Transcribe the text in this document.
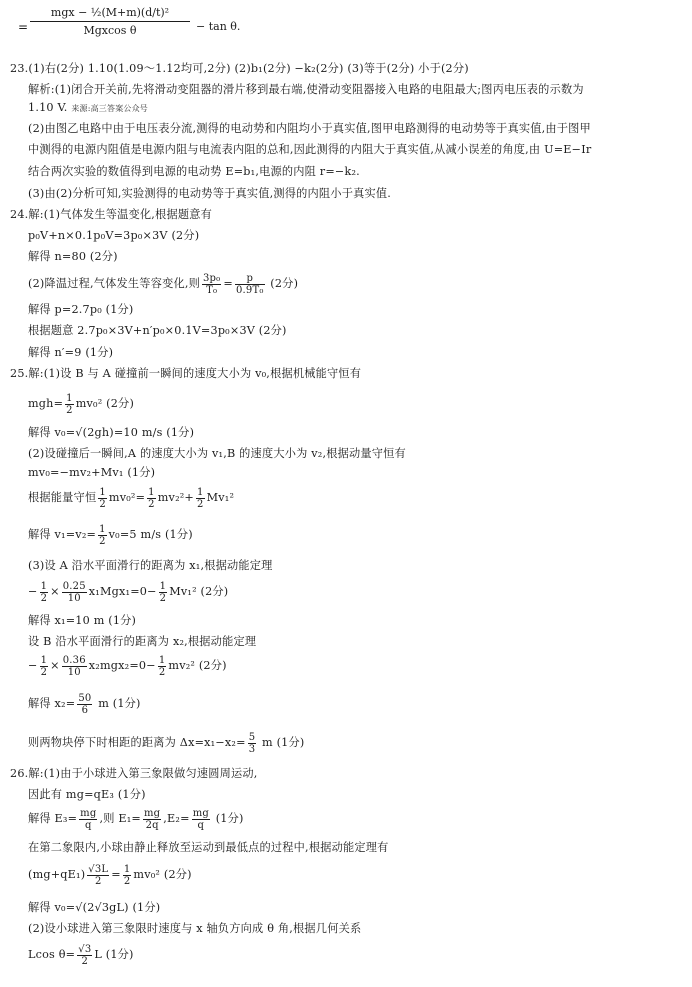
=
mgx − ½(M+m)(d/t)²
Mgxcos θ	− tan θ.
23.(1)右(2分) 1.10(1.09～1.12均可,2分) (2)b₁(2分) −k₂(2分) (3)等于(2分) 小于(2分)
解析:(1)闭合开关前,先将滑动变阻器的滑片移到最右端,使滑动变阻器接入电路的电阻最大;图丙电压表的示数为
1.10 V. 来源:高三答案公众号
(2)由图乙电路中由于电压表分流,测得的电动势和内阻均小于真实值,图甲电路测得的电动势等于真实值,由于图甲
中测得的电源内阻值是电源内阻与电流表内阻的总和,因此测得的内阻大于真实值,从减小误差的角度,由 U=E−Ir
结合两次实验的数值得到电源的电动势 E=b₁,电源的内阻 r=−k₂.
(3)由(2)分析可知,实验测得的电动势等于真实值,测得的内阻小于真实值.
24.解:(1)气体发生等温变化,根据题意有
p₀V+n×0.1p₀V=3p₀×3V (2分)
解得 n=80 (2分)
(2)降温过程,气体发生等容变化,则 $\frac{\text{3p₀}}{\text{T₀}} = \frac{p}{\text{0.9T₀}} (2$分)
解得 p=2.7p₀ (1分)
根据题意 2.7p₀×3V+n′p₀×0.1V=3p₀×3V (2分)
解得 n′=9 (1分)
25.解:(1)设 B 与 A 碰撞前一瞬间的速度大小为 v₀,根据机械能守恒有
$mgh= \frac{1}{2} mv_0^2$ (2分)
解得 v₀=√(2gh)=10 m/s (1分)
(2)设碰撞后一瞬间,A 的速度大小为 v₁,B 的速度大小为 v₂,根据动量守恒有
mv₀=−mv₂+Mv₁ (1分)
根据能量守恒 $\frac{1}{2} mv_0^2= \frac{1}{2} mv_2^2+ \frac{1}{2} Mv_1^2$
解得 $v_1=v_2= \frac{1}{2} v_0=5$ m/s (1分)
(3)设 A 沿水平面滑行的距离为 x₁,根据动能定理
− $\frac{1}{2} \times \frac{0.25}{10} x_1Mgx_1=0- \frac{1}{2} Mv_1^2$ (2分)
解得 x₁=10 m (1分)
设 B 沿水平面滑行的距离为 x₂,根据动能定理
− $\frac{1}{2} \times \frac{0.36}{10} x_2mgx_2=0- \frac{1}{2} mv_2^2$ (2分)
解得 $x_2= \frac{50}{6}$ m (1分)
则两物块停下时相距的距离为 $\Delta x=x_1-x_2= \frac{5}{3}$ m (1分)
26.解:(1)由于小球进入第三象限做匀速圆周运动,
因此有 mg=qE₃ (1分)
解得 $E_3= \frac{mg}{q}$ ,则 $E_1= \frac{mg}{2q} ,E_2= \frac{mg}{q} (1$分)
在第二象限内,小球由静止释放至运动到最低点的过程中,根据动能定理有
$(mg+qE_1) \frac{√3L}{2} = \frac{1}{2} mv_0^2$ (2分)
解得 v₀=√(2√3gL) (1分)
(2)设小球进入第三象限时速度与 x 轴负方向成 θ 角,根据几何关系
Lcos $\theta= \frac{√3}{2}$ L (1分)
